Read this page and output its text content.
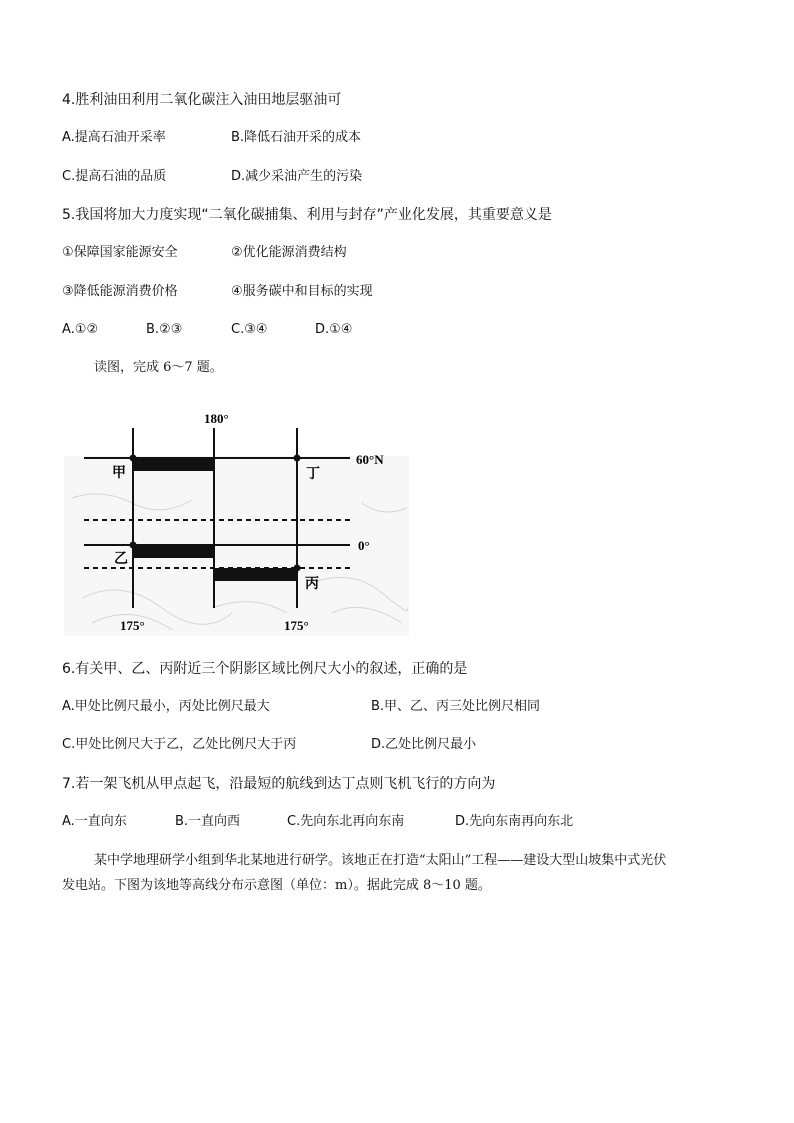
4.胜利油田利用二氧化碳注入油田地层驱油可
A.提高石油开采率	B.降低石油开采的成本
C.提高石油的品质	D.减少采油产生的污染
5.我国将加大力度实现“二氧化碳捕集、利用与封存”产业化发展，其重要意义是
①保障国家能源安全	②优化能源消费结构
③降低能源消费价格	④服务碳中和目标的实现
A.①②	B.②③	C.③④	D.①④
读图，完成 6～7 题。
180°
60°N
0°
175°	175°
甲	丁
乙
丙
6.有关甲、乙、丙附近三个阴影区域比例尺大小的叙述，正确的是
A.甲处比例尺最小，丙处比例尺最大	B.甲、乙、丙三处比例尺相同
C.甲处比例尺大于乙，乙处比例尺大于丙	D.乙处比例尺最小
7.若一架飞机从甲点起飞，沿最短的航线到达丁点则飞机飞行的方向为
A.一直向东	B.一直向西	C.先向东北再向东南	D.先向东南再向东北
某中学地理研学小组到华北某地进行研学。该地正在打造“太阳山”工程——建设大型山坡集中式光伏
发电站。下图为该地等高线分布示意图（单位：m）。据此完成 8～10 题。
